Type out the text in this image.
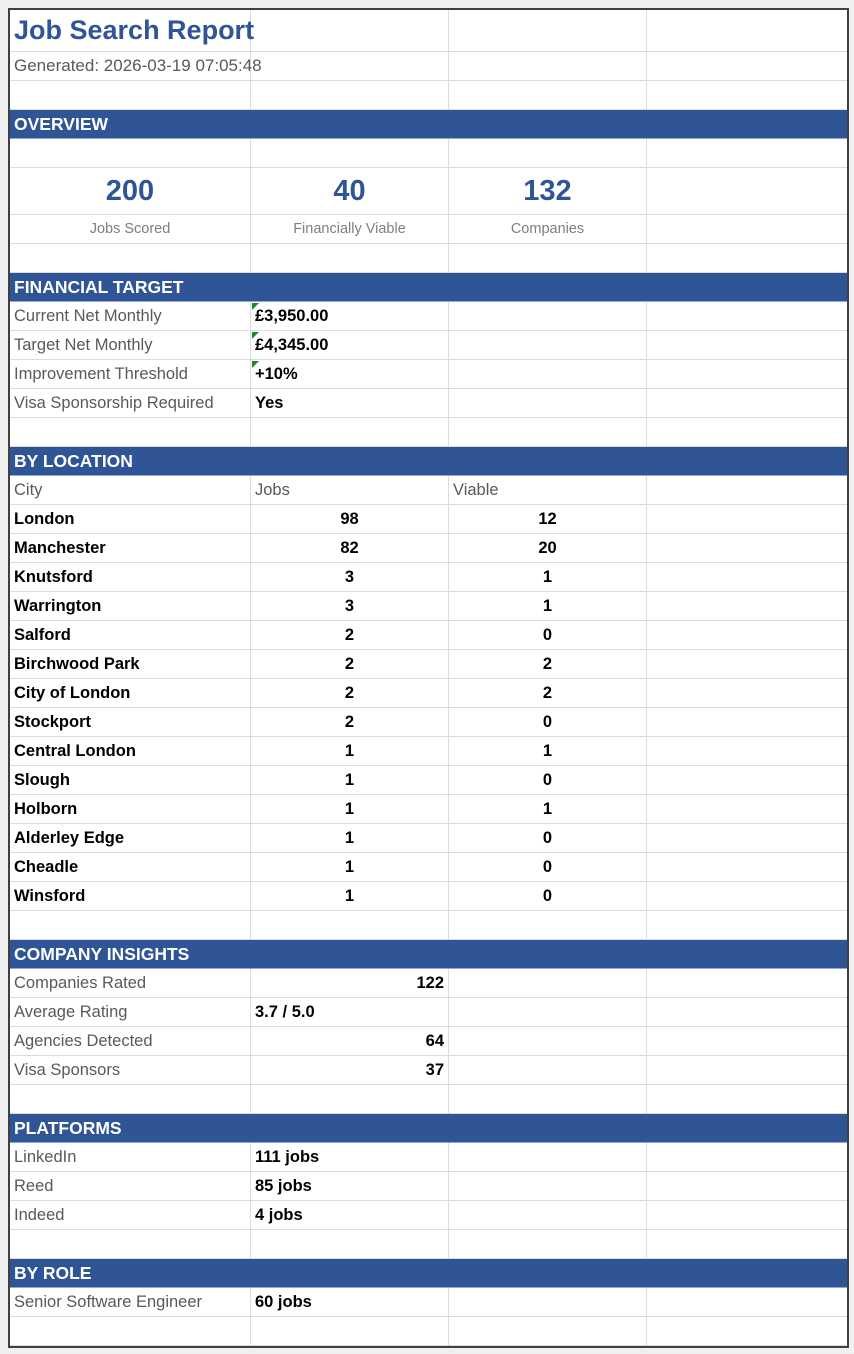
Job Search Report
Generated: 2026-03-19 07:05:48
OVERVIEW
200	40	132
Jobs Scored	Financially Viable	Companies
FINANCIAL TARGET
Current Net Monthly	£3,950.00
Target Net Monthly	£4,345.00
Improvement Threshold	+10%
Visa Sponsorship Required	Yes
BY LOCATION
City	Jobs	Viable
London	98	12
Manchester	82	20
Knutsford	3	1
Warrington	3	1
Salford	2	0
Birchwood Park	2	2
City of London	2	2
Stockport	2	0
Central London	1	1
Slough	1	0
Holborn	1	1
Alderley Edge	1	0
Cheadle	1	0
Winsford	1	0
COMPANY INSIGHTS
Companies Rated	122
Average Rating	3.7 / 5.0
Agencies Detected	64
Visa Sponsors	37
PLATFORMS
LinkedIn	111 jobs
Reed	85 jobs
Indeed	4 jobs
BY ROLE
Senior Software Engineer	60 jobs
